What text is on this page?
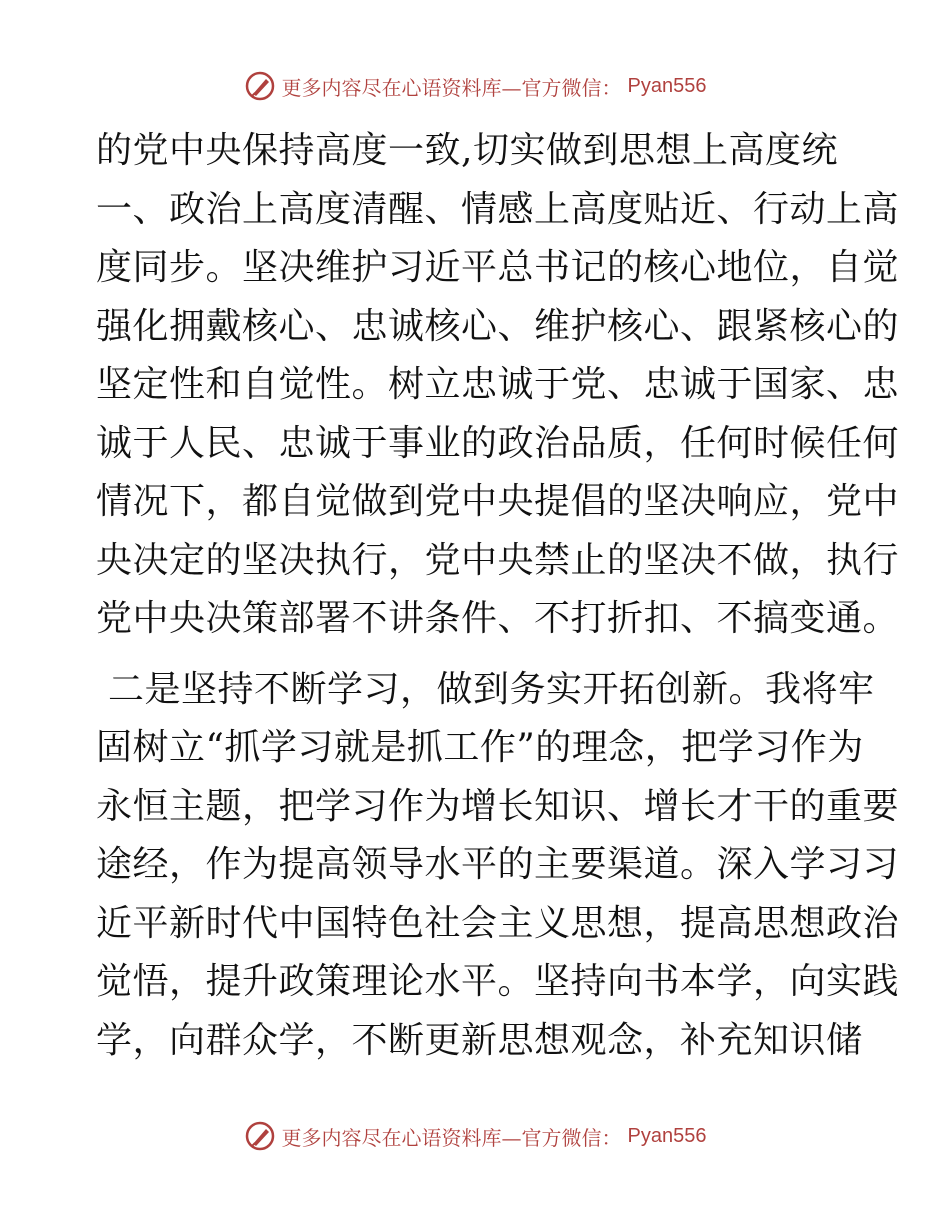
更多内容尽在心语资料库—官方微信： Pyan556
的党中央保持高度一致,切实做到思想上高度统
一、政治上高度清醒、情感上高度贴近、行动上高
度同步。坚决维护习近平总书记的核心地位，自觉
强化拥戴核心、忠诚核心、维护核心、跟紧核心的
坚定性和自觉性。树立忠诚于党、忠诚于国家、忠
诚于人民、忠诚于事业的政治品质，任何时候任何
情况下，都自觉做到党中央提倡的坚决响应，党中
央决定的坚决执行，党中央禁止的坚决不做，执行
党中央决策部署不讲条件、不打折扣、不搞变通。
二是坚持不断学习，做到务实开拓创新。我将牢
固树立“抓学习就是抓工作”的理念，把学习作为
永恒主题，把学习作为增长知识、增长才干的重要
途经，作为提高领导水平的主要渠道。深入学习习
近平新时代中国特色社会主义思想，提高思想政治
觉悟，提升政策理论水平。坚持向书本学，向实践
学，向群众学，不断更新思想观念，补充知识储
更多内容尽在心语资料库—官方微信： Pyan556
